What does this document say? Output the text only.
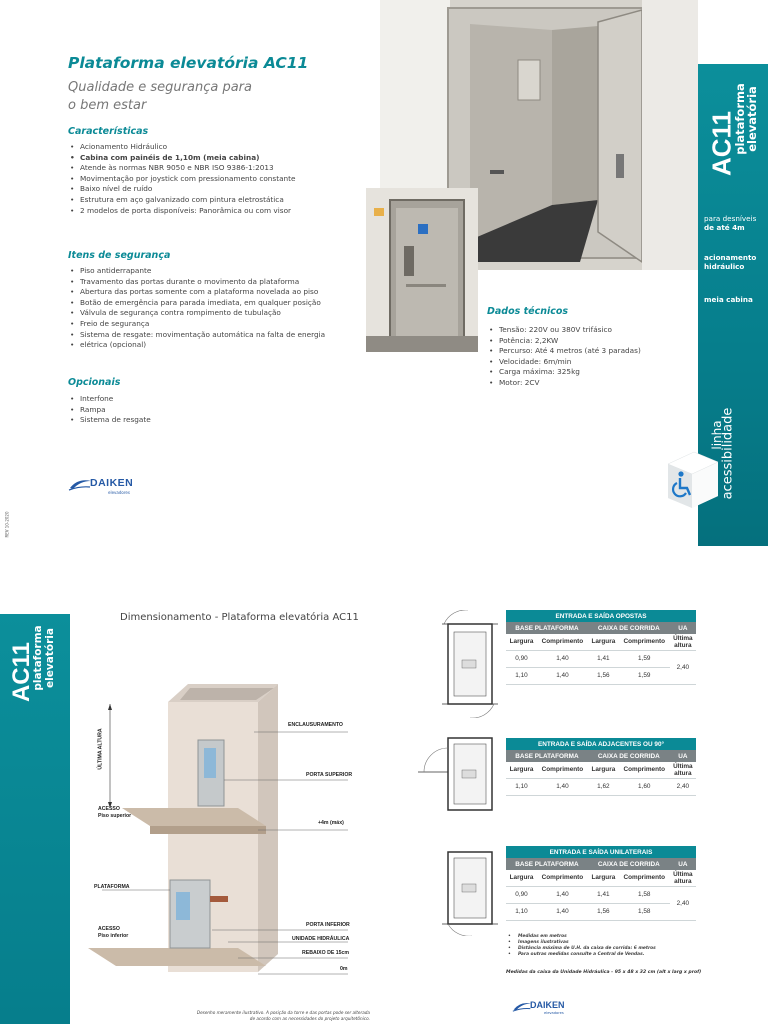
Plataforma elevatória AC11
Qualidade e segurança para
o bem estar
Características
• Acionamento Hidráulico
• Cabina com painéis de 1,10m (meia cabina)
• Atende às normas NBR 9050 e NBR ISO 9386-1:2013
• Movimentação por joystick com pressionamento constante
• Baixo nível de ruído
• Estrutura em aço galvanizado com pintura eletrostática
• 2 modelos de porta disponíveis: Panorâmica ou com visor
Itens de segurança
• Piso antiderrapante
• Travamento das portas durante o movimento da plataforma
• Abertura das portas somente com a plataforma novelada ao piso
• Botão de emergência para parada imediata, em qualquer posição
• Válvula de segurança contra rompimento de tubulação
• Freio de segurança
• Sistema de resgate: movimentação automática na falta de energia
• elétrica (opcional)
Opcionais
• Interfone
• Rampa
• Sistema de resgate
Dados técnicos
• Tensão: 220V ou 380V trifásico
• Potência: 2,2KW
• Percurso: Até 4 metros (até 3 paradas)
• Velocidade: 6m/min
• Carga máxima: 325kg
• Motor: 2CV
DAIKEN
elevadores
REV 10-2020
AC11
plataforma
elevatória
para desníveis
de até 4m
acionamento
hidráulico
meia cabina
linha
acessibilidade
AC11
plataforma elevatória
Dimensionamento - Plataforma elevatória AC11
ENCLAUSURAMENTO
PORTA SUPERIOR
ACESSO
Piso superior
+4m (máx)
ÚLTIMA ALTURA
PLATAFORMA
ACESSO
Piso inferior
PORTA INFERIOR
UNIDADE HIDRÁULICA
REBAIXO DE 15cm
0m
Desenho meramente ilustrativo. A posição da torre e das portas pode ser alterada
de acordo com as necessidades do projeto arquitetônico.
ENTRADA E SAÍDA OPOSTAS				
BASE PLATAFORMA		CAIXA DE CORRIDA		UA
Largura	Comprimento	Largura	Comprimento	Última
altura

0,90	1,40	1,41	1,59	2,40
1,10	1,40	1,56	1,59	
ENTRADA E SAÍDA ADJACENTES OU 90°				
BASE PLATAFORMA		CAIXA DE CORRIDA		UA
Largura	Comprimento	Largura	Comprimento	Última
altura

1,10	1,40	1,62	1,60	2,40
ENTRADA E SAÍDA UNILATERAIS				
BASE PLATAFORMA		CAIXA DE CORRIDA		UA
Largura	Comprimento	Largura	Comprimento	Última
altura

0,90	1,40	1,41	1,58	2,40
1,10	1,40	1,56	1,58	
• Medidas em metros
• Imagens ilustrativas
• Distância máxima de U.H. da caixa de corrida: 6 metros
• Para outras medidas consulte a Central de Vendas.
Medidas da caixa da Unidade Hidráulica - 95 x 48 x 32 cm (alt x larg x prof)
DAIKEN
elevadores
